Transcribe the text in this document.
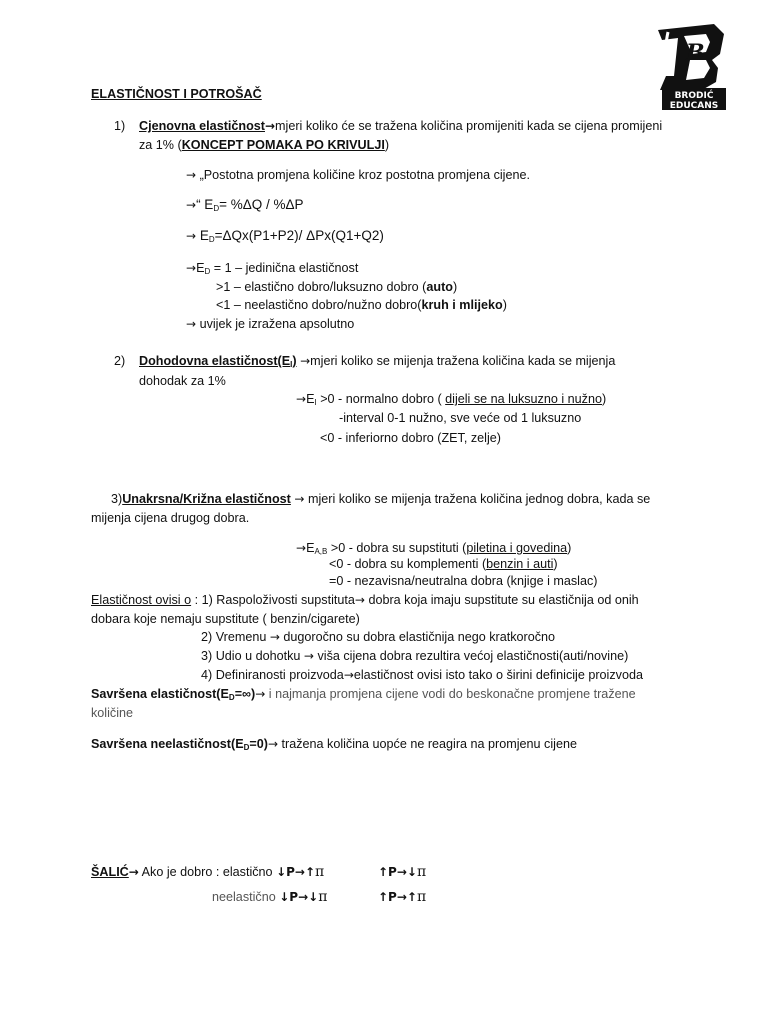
B
BRODIĆ
EDUCANS
ELASTIČNOST I POTROŠAČ
1) Cjenovna elastičnost→mjeri koliko će se tražena količina promijeniti kada se cijena promijeni
za 1% (KONCEPT POMAKA PO KRIVULJI)
→ „Postotna promjena količine kroz postotna promjena cijene.
→“ $E_D= \%\Delta Q / \%\Delta P$
→ $E_D=\Delta Qx(P1+P2)/$ ΔPx(Q1+Q2)
$\to E_D = 1$ – jedinična elastičnost
>1 – elastično dobro/luksuzno dobro (auto)
<1 – neelastično dobro/nužno dobro(kruh i mlijeko)
→ uvijek je izražena apsolutno
2) Dohodovna $elastičnost(E_I)$ →mjeri koliko se mijenja tražena količina kada se mijenja
dohodak za 1%
$\to E_I >0$ - normalno dobro ( dijeli se na luksuzno i nužno)
-interval 0-1 nužno, sve veće od 1 luksuzno
<0 - inferiorno dobro (ZET, zelje)
3)Unakrsna/Križna elastičnost → mjeri koliko se mijenja tražena količina jednog dobra, kada se
mijenja cijena drugog dobra.
$\to E_{A,B} >0$ - dobra su supstituti (piletina i govedina)
<0 - dobra su komplementi (benzin i auti)
=0 - nezavisna/neutralna dobra (knjige i maslac)
Elastičnost ovisi o : 1) Raspoloživosti supstituta→ dobra koja imaju supstitute su elastičnija od onih
dobara koje nemaju supstitute ( benzin/cigarete)
2) Vremenu → dugoročno su dobra elastičnija nego kratkoročno
3) Udio u dohotku → viša cijena dobra rezultira većoj elastičnosti(auti/novine)
4) Definiranosti proizvoda→elastičnost ovisi isto tako o širini definicije proizvoda
Savršena $elastičnost(E_D=\infty)\to i$ najmanja promjena cijene vodi do beskonačne promjene tražene
količine
Savršena $neelastičnost(E_D=0)\to$ tražena količina uopće ne reagira na promjenu cijene
ŠALIĆ→ Ako je dobro : elastično ↓P→↑π	↑P→↓π
neelastično ↓P→↓π	↑P→↑π
